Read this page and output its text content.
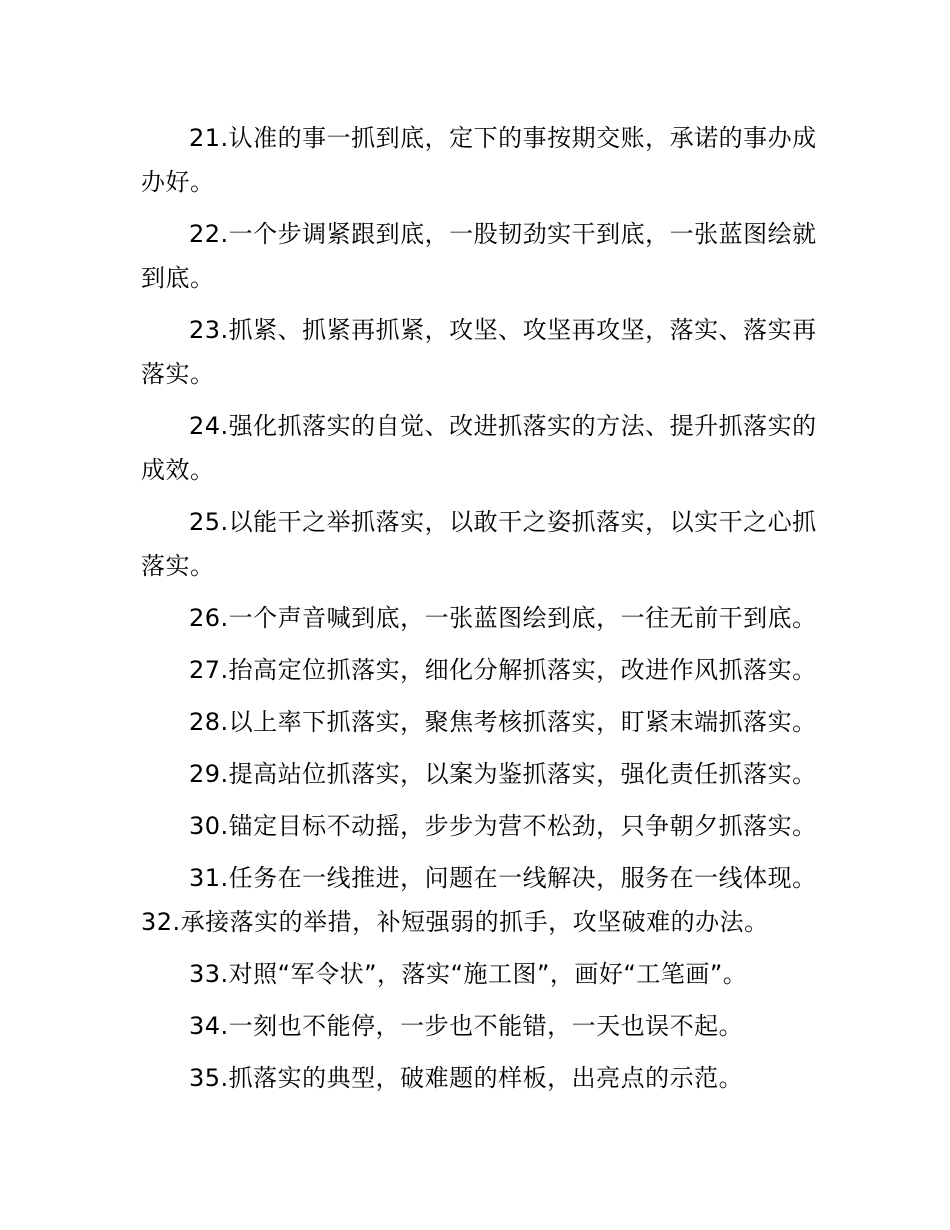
21.认准的事一抓到底，定下的事按期交账，承诺的事办成办好。

22.一个步调紧跟到底，一股韧劲实干到底，一张蓝图绘就到底。

23.抓紧、抓紧再抓紧，攻坚、攻坚再攻坚，落实、落实再落实。

24.强化抓落实的自觉、改进抓落实的方法、提升抓落实的成效。

25.以能干之举抓落实，以敢干之姿抓落实，以实干之心抓落实。

26.一个声音喊到底，一张蓝图绘到底，一往无前干到底。

27.抬高定位抓落实，细化分解抓落实，改进作风抓落实。

28.以上率下抓落实，聚焦考核抓落实，盯紧末端抓落实。

29.提高站位抓落实，以案为鉴抓落实，强化责任抓落实。

30.锚定目标不动摇，步步为营不松劲，只争朝夕抓落实。

31.任务在一线推进，问题在一线解决，服务在一线体现。

32.承接落实的举措，补短强弱的抓手，攻坚破难的办法。

33.对照“军令状”，落实“施工图”，画好“工笔画”。

34.一刻也不能停，一步也不能错，一天也误不起。

35.抓落实的典型，破难题的样板，出亮点的示范。
